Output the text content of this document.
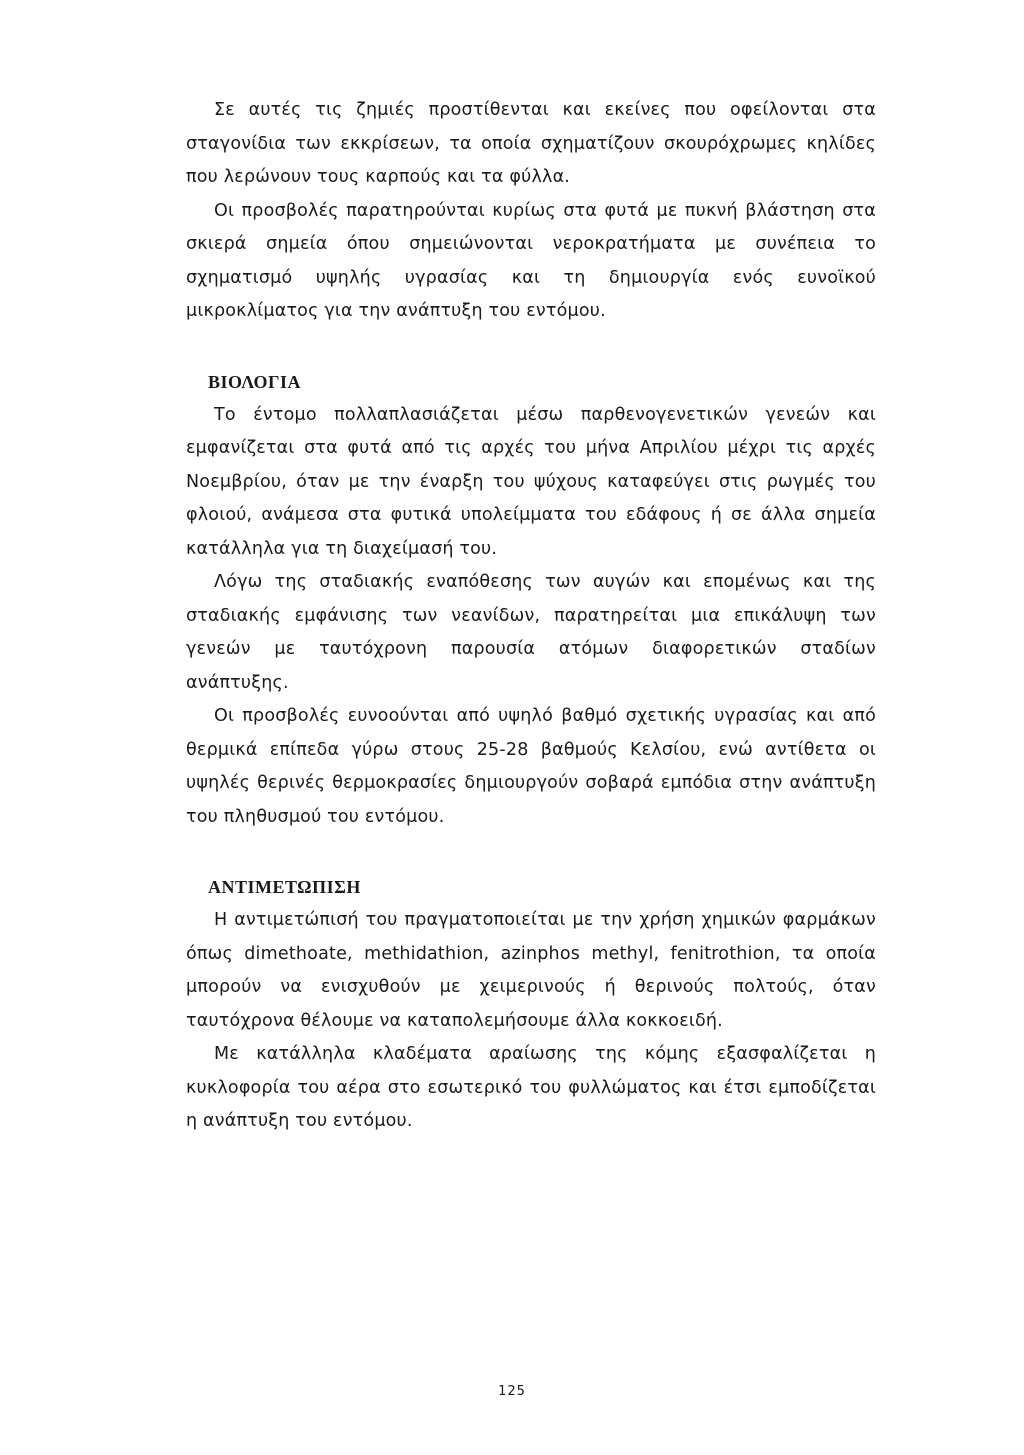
Σε αυτές τις ζημιές προστίθενται και εκείνες που οφείλονται στα σταγονίδια των εκκρίσεων, τα οποία σχηματίζουν σκουρόχρωμες κηλίδες που λερώνουν τους καρπούς και τα φύλλα.

Οι προσβολές παρατηρούνται κυρίως στα φυτά με πυκνή βλάστηση στα σκιερά σημεία όπου σημειώνονται νεροκρατήματα με συνέπεια το σχηματισμό υψηλής υγρασίας και τη δημιουργία ενός ευνοϊκού μικροκλίματος για την ανάπτυξη του εντόμου.

ΒΙΟΛΟΓΙΑ

Το έντομο πολλαπλασιάζεται μέσω παρθενογενετικών γενεών και εμφανίζεται στα φυτά από τις αρχές του μήνα Απριλίου μέχρι τις αρχές Νοεμβρίου, όταν με την έναρξη του ψύχους καταφεύγει στις ρωγμές του φλοιού, ανάμεσα στα φυτικά υπολείμματα του εδάφους ή σε άλλα σημεία κατάλληλα για τη διαχείμασή του.

Λόγω της σταδιακής εναπόθεσης των αυγών και επομένως και της σταδιακής εμφάνισης των νεανίδων, παρατηρείται μια επικάλυψη των γενεών με ταυτόχρονη παρουσία ατόμων διαφορετικών σταδίων ανάπτυξης.

Οι προσβολές ευνοούνται από υψηλό βαθμό σχετικής υγρασίας και από θερμικά επίπεδα γύρω στους 25-28 βαθμούς Κελσίου, ενώ αντίθετα οι υψηλές θερινές θερμοκρασίες δημιουργούν σοβαρά εμπόδια στην ανάπτυξη του πληθυσμού του εντόμου.

ΑΝΤΙΜΕΤΩΠΙΣΗ

Η αντιμετώπισή του πραγματοποιείται με την χρήση χημικών φαρμάκων όπως dimethoate, methidathion, azinphos methyl, fenitrothion, τα οποία μπορούν να ενισχυθούν με χειμερινούς ή θερινούς πολτούς, όταν ταυτόχρονα θέλουμε να καταπολεμήσουμε άλλα κοκκοειδή.

Με κατάλληλα κλαδέματα αραίωσης της κόμης εξασφαλίζεται η κυκλοφορία του αέρα στο εσωτερικό του φυλλώματος και έτσι εμποδίζεται η ανάπτυξη του εντόμου.

125
